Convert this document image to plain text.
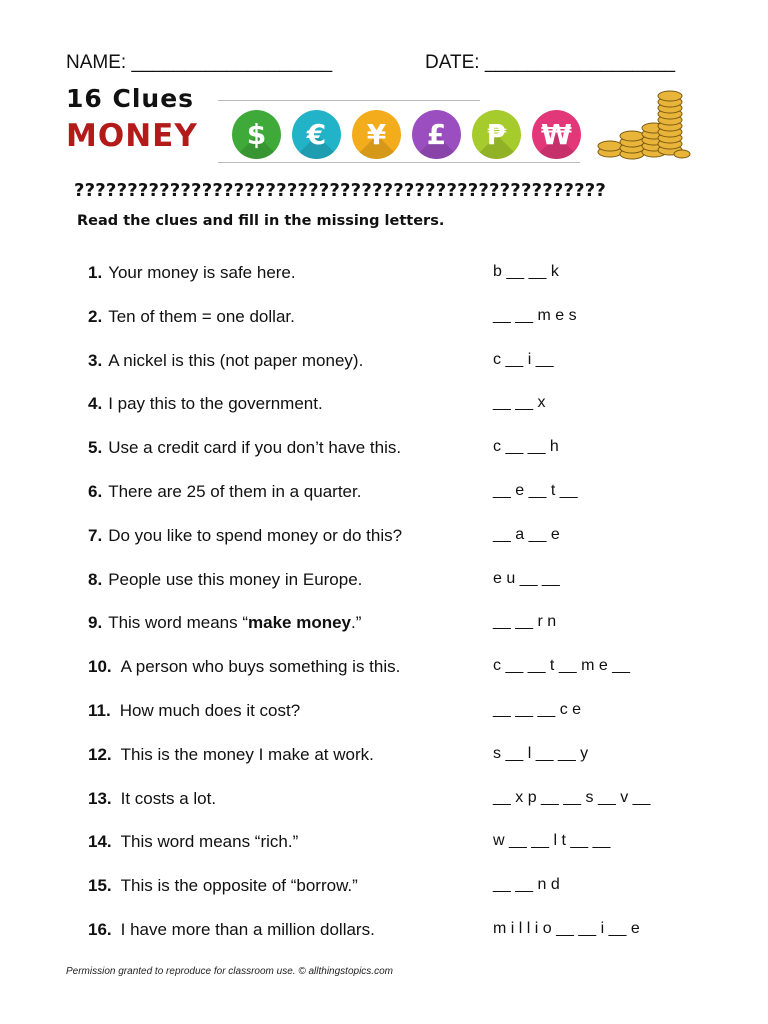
NAME: ___________________	DATE: __________________
16 Clues
MONEY $ € ¥ £ ₱ ₩
??????????????????????????????????????????????????
Read the clues and fill in the missing letters.
1. Your money is safe here.	b __ __ k
2. Ten of them = one dollar.	__ __ m e s
3. A nickel is this (not paper money).	c __ i __
4. I pay this to the government.	__ __ x
5. Use a credit card if you don’t have this.	c __ __ h
6. There are 25 of them in a quarter.	__ e __ t __
7. Do you like to spend money or do this?	__ a __ e
8. People use this money in Europe.	e u __ __
9. This word means “make money.”	__ __ r n
10. A person who buys something is this.	c __ __ t __ m e __
11. How much does it cost?	__ __ __ c e
12. This is the money I make at work.	s __ l __ __ y
13. It costs a lot.	__ x p __ __ s __ v __
14. This word means “rich.”	w __ __ l t __ __
15. This is the opposite of “borrow.”	__ __ n d
16. I have more than a million dollars.	m i l l i o __ __ i __ e
Permission granted to reproduce for classroom use. © allthingstopics.com
